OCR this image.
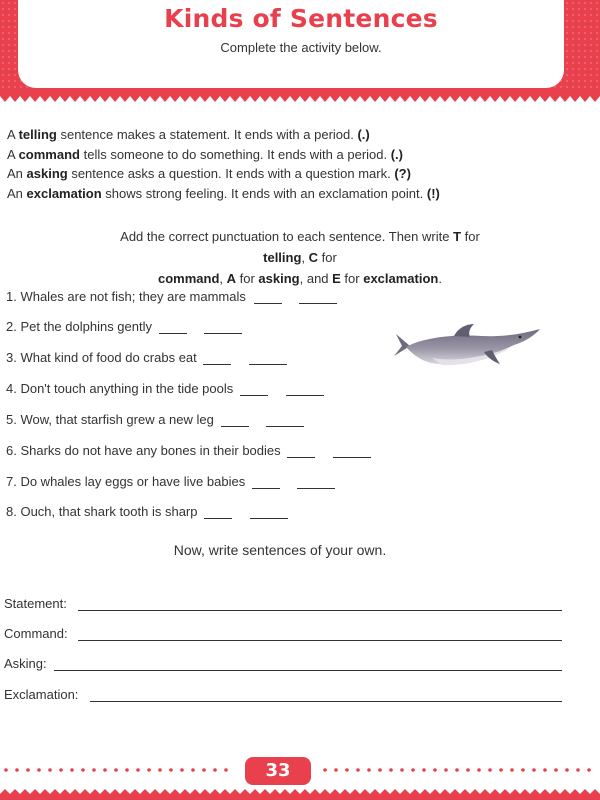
Kinds of Sentences
Complete the activity below.
A telling sentence makes a statement. It ends with a period. (.)
A command tells someone to do something. It ends with a period. (.)
An asking sentence asks a question. It ends with a question mark. (?)
An exclamation shows strong feeling. It ends with an exclamation point. (!)
Add the correct punctuation to each sentence. Then write T for telling, C for
command, A for asking, and E for exclamation.
1. Whales are not fish; they are mammals
2. Pet the dolphins gently
3. What kind of food do crabs eat
4. Don't touch anything in the tide pools
5. Wow, that starfish grew a new leg
6. Sharks do not have any bones in their bodies
7. Do whales lay eggs or have live babies
8. Ouch, that shark tooth is sharp
Now, write sentences of your own.
Statement:
Command:
Asking:
Exclamation:
33
